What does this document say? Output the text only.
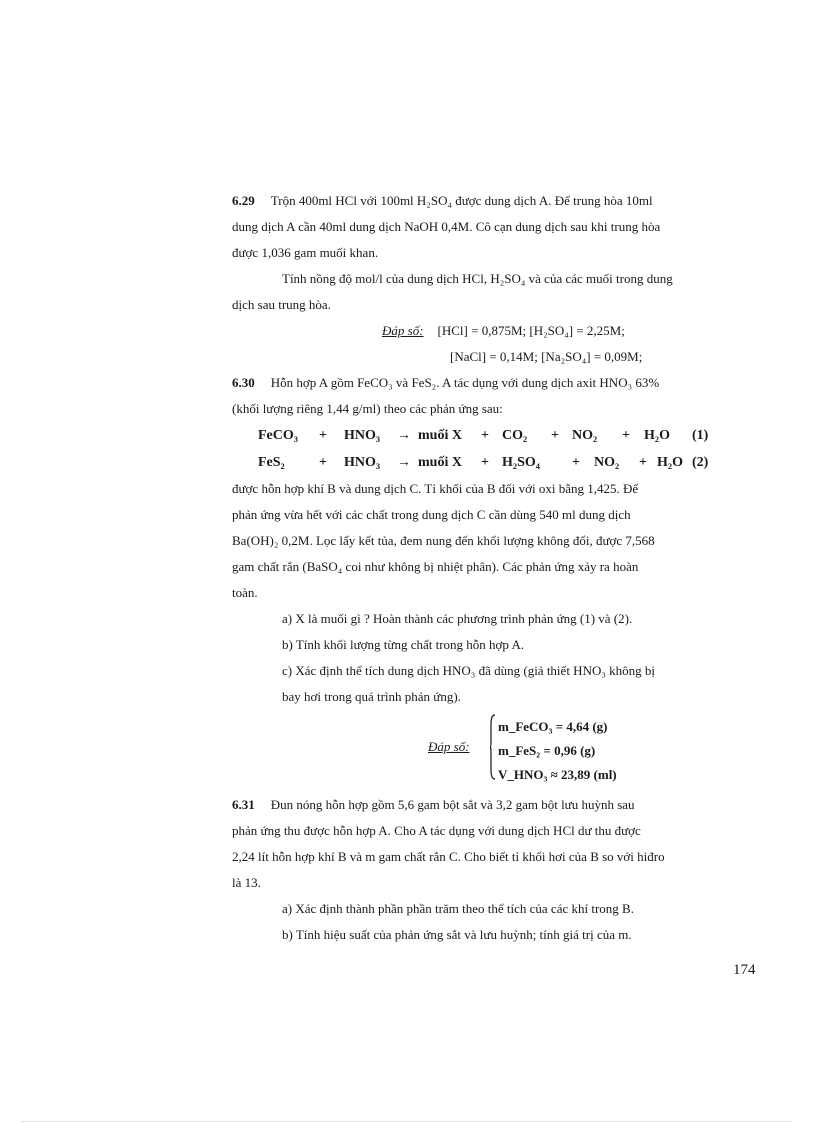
6.29 Trộn 400ml HCl với 100ml H₂SO₄ được dung dịch A. Để trung hòa 10ml

dung dịch A cần 40ml dung dịch NaOH 0,4M. Cô cạn dung dịch sau khi trung hòa

được 1,036 gam muối khan.

Tính nồng độ mol/l của dung dịch HCl, H₂SO₄ và của các muối trong dung

dịch sau trung hòa.

Đáp số: [HCl] = 0,875M; [H₂SO₄] = 2,25M;

[NaCl] = 0,14M; [Na₂SO₄] = 0,09M;

6.30 Hỗn hợp A gồm FeCO₃ và FeS₂. A tác dụng với dung dịch axit HNO₃ 63%

(khối lượng riêng 1,44 g/ml) theo các phản ứng sau:

FeCO₃ + HNO₃ → muối X + CO₂ + NO₂ + H₂O (1)
FeS₂ + HNO₃ → muối X + H₂SO₄ + NO₂ + H₂O (2)

được hỗn hợp khí B và dung dịch C. Tỉ khối của B đối với oxi bằng 1,425. Để

phản ứng vừa hết với các chất trong dung dịch C cần dùng 540 ml dung dịch

Ba(OH)₂ 0,2M. Lọc lấy kết tủa, đem nung đến khối lượng không đổi, được 7,568

gam chất rắn (BaSO₄ coi như không bị nhiệt phân). Các phản ứng xảy ra hoàn

toàn.

a) X là muối gì ? Hoàn thành các phương trình phản ứng (1) và (2).

b) Tính khối lượng từng chất trong hỗn hợp A.

c) Xác định thể tích dung dịch HNO₃ đã dùng (giả thiết HNO₃ không bị

bay hơi trong quá trình phản ứng).

Đáp số:
m_FeCO₃ = 4,64 (g)
m_FeS₂ = 0,96 (g)
V_HNO₃ ≈ 23,89 (ml)

6.31 Đun nóng hỗn hợp gồm 5,6 gam bột sắt và 3,2 gam bột lưu huỳnh sau

phản ứng thu được hỗn hợp A. Cho A tác dụng với dung dịch HCl dư thu được

2,24 lít hỗn hợp khí B và m gam chất rắn C. Cho biết tỉ khối hơi của B so với hiđro

là 13.

a) Xác định thành phần phần trăm theo thể tích của các khí trong B.

b) Tính hiệu suất của phản ứng sắt và lưu huỳnh; tính giá trị của m.

174
